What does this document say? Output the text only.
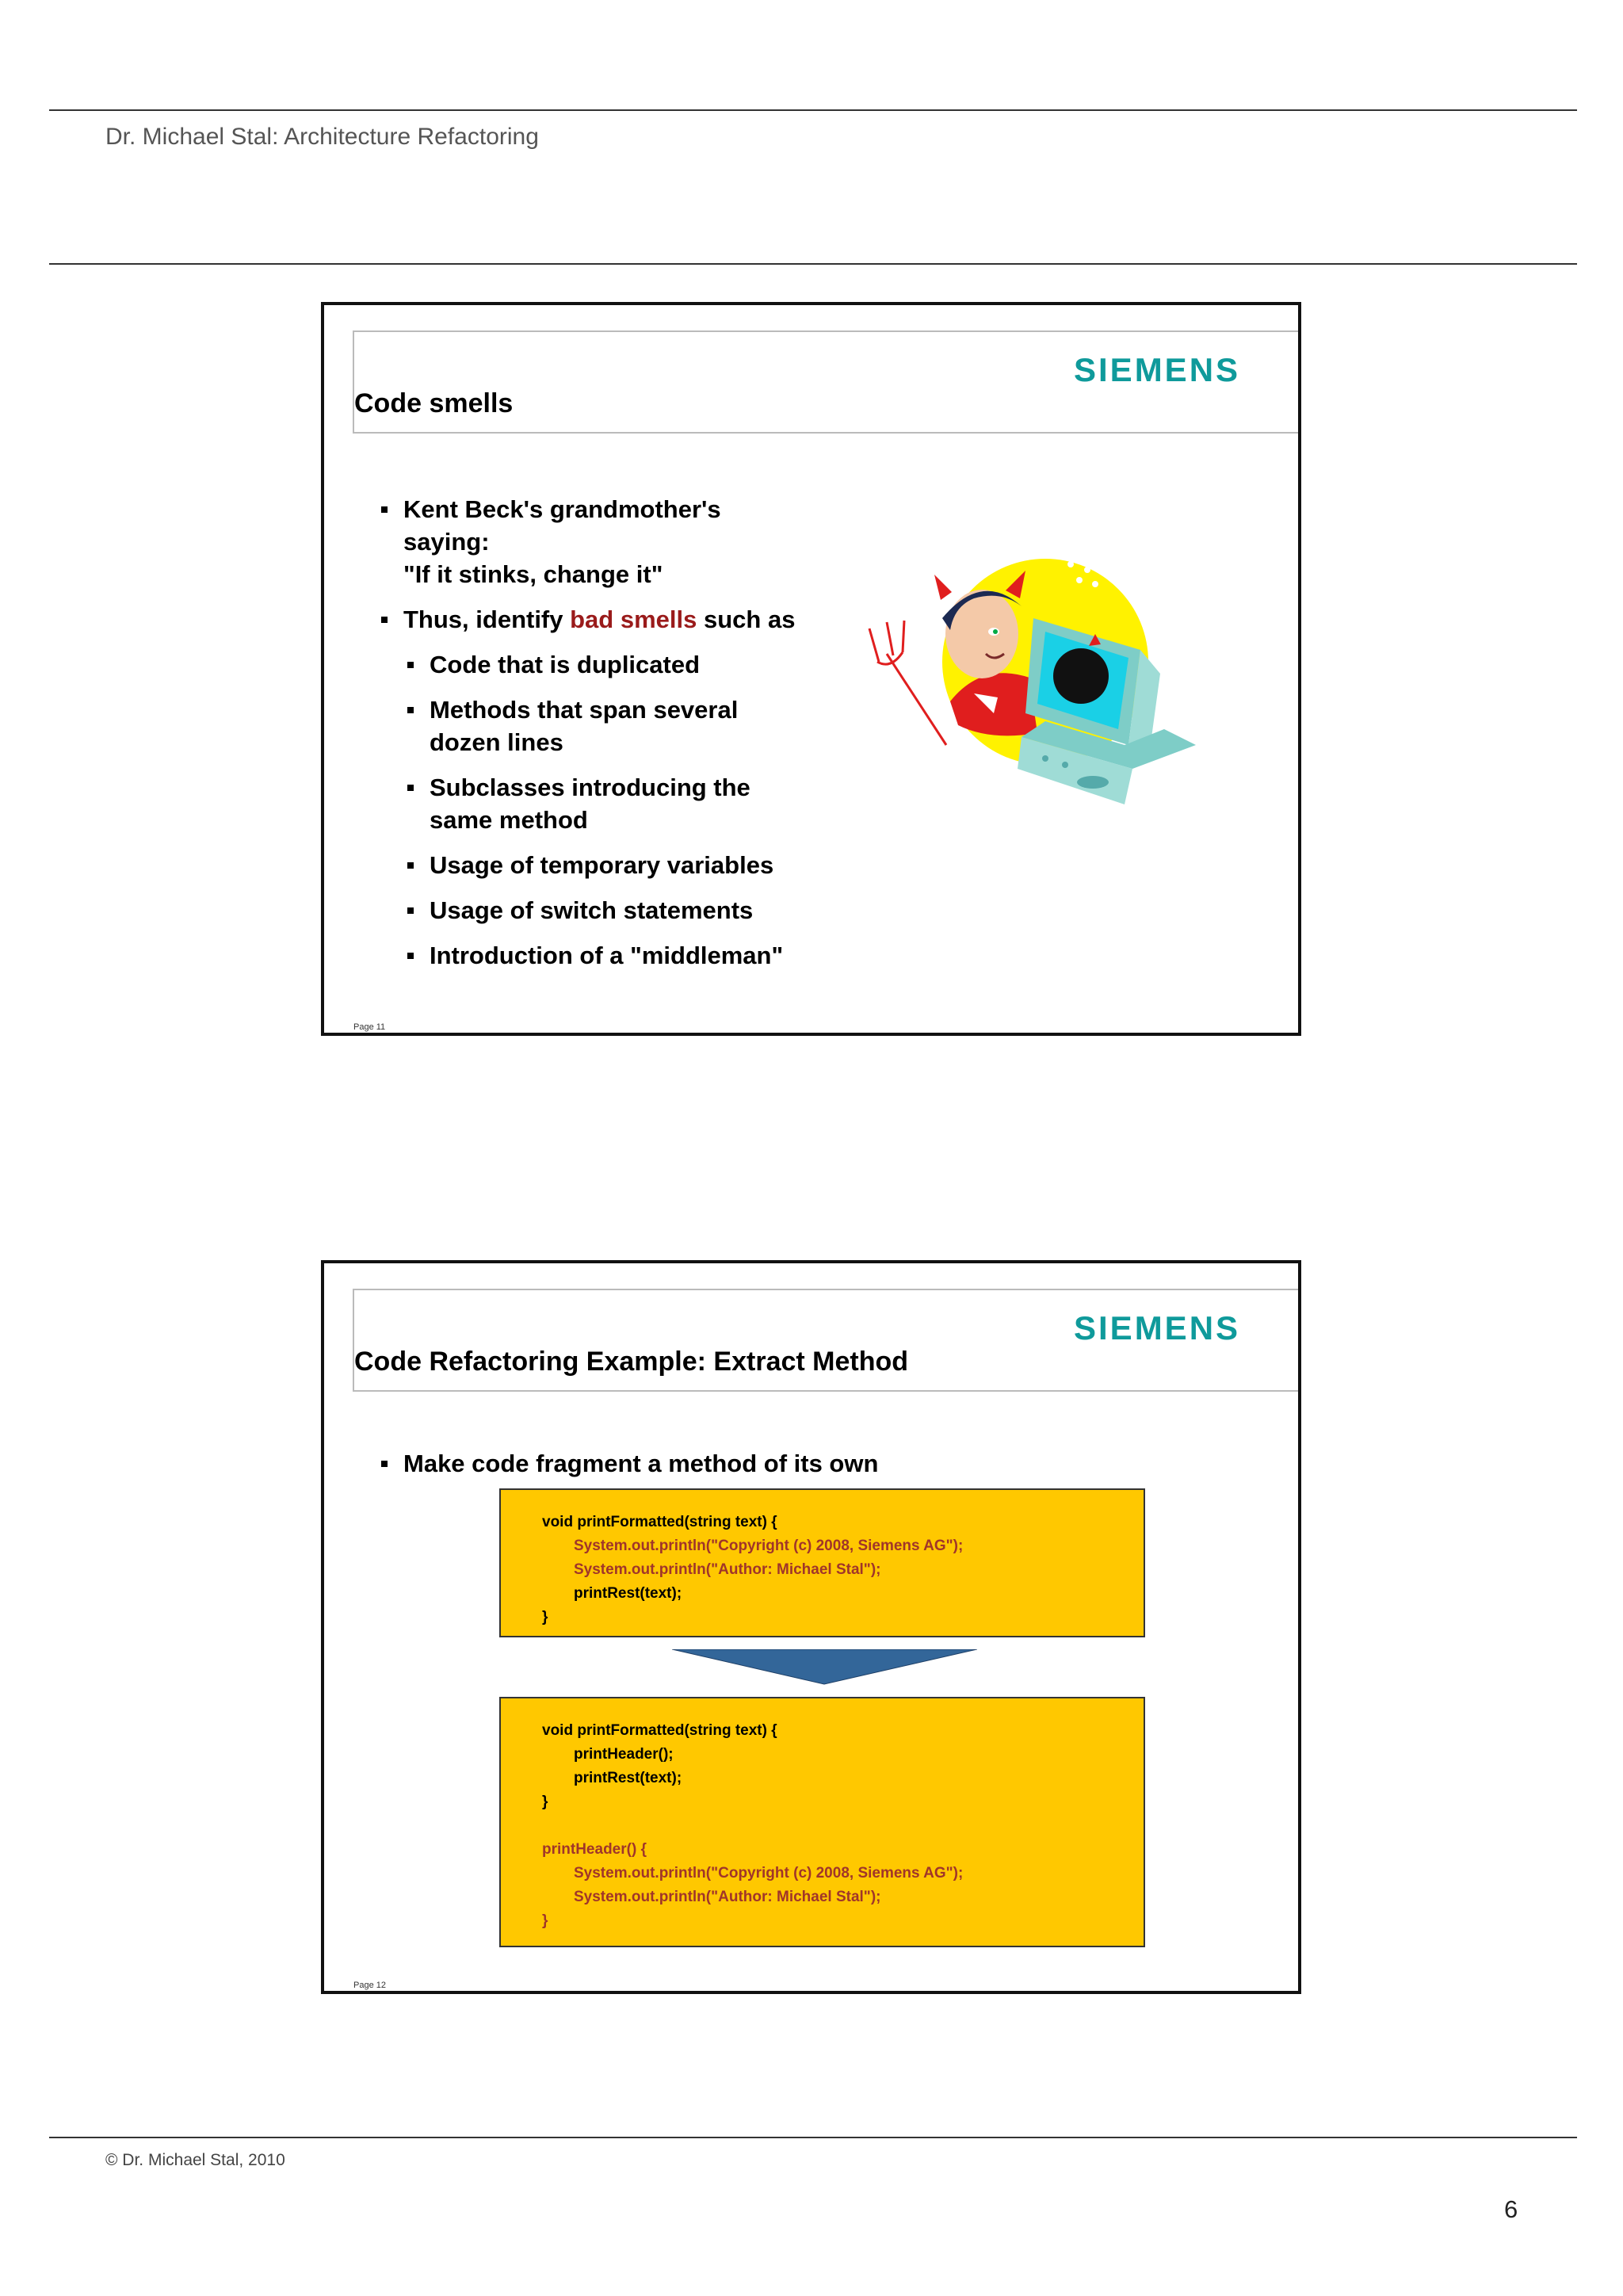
Dr. Michael Stal: Architecture Refactoring
Code smells
SIEMENS
Kent Beck's grandmother's
saying:
"If it stinks, change it"
Thus, identify bad smells such as
Code that is duplicated
Methods that span several
dozen lines
Subclasses introducing the
same method
Usage of temporary variables
Usage of switch statements
Introduction of a "middleman"
Page 11
Code Refactoring Example: Extract Method
SIEMENS
Make code fragment a method of its own
void printFormatted(string text) {
System.out.println("Copyright (c) 2008, Siemens AG");
System.out.println("Author: Michael Stal");
printRest(text);
}
void printFormatted(string text) {
printHeader();
printRest(text);
}
printHeader() {
System.out.println("Copyright (c) 2008, Siemens AG");
System.out.println("Author: Michael Stal");
}
Page 12
© Dr. Michael Stal, 2010
6
